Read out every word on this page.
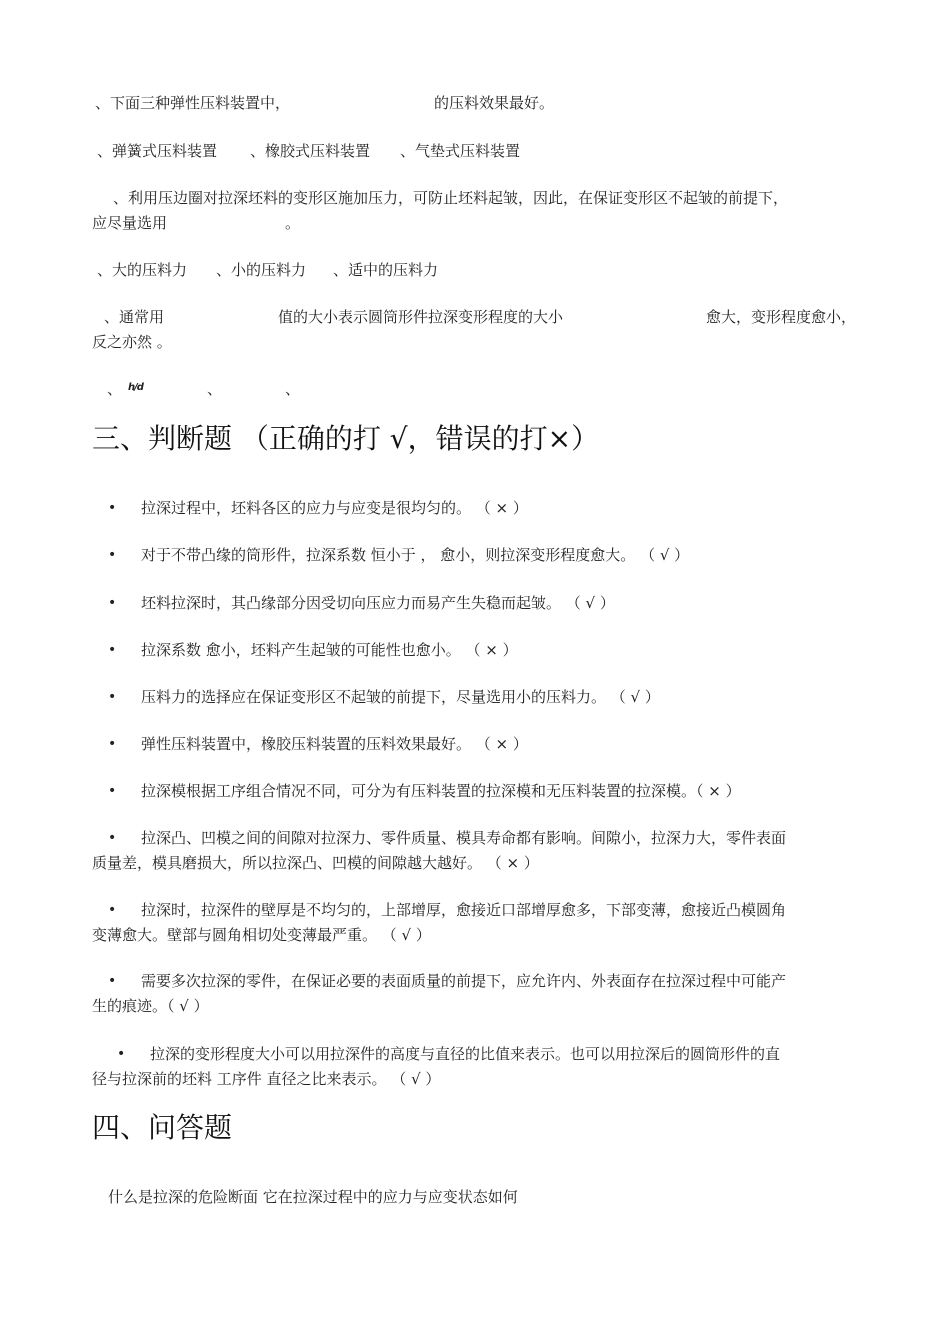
、下面三种弹性压料装置中，	的压料效果最好。
、弹簧式压料装置 、橡胶式压料装置 、气垫式压料装置
、利用压边圈对拉深坯料的变形区施加压力，可防止坯料起皱，因此，在保证变形区不起皱的前提下，
应尽量选用	。
、大的压料力 、小的压料力 、适中的压料力
、通常用	值的大小表示圆筒形件拉深变形程度的大小	愈大，变形程度愈小，
反之亦然 。
、 h/d	、	、
三、判断题 （正确的打 √，错误的打×）
• 拉深过程中，坯料各区的应力与应变是很均匀的。 （ × ）
• 对于不带凸缘的筒形件，拉深系数 恒小于 ， 愈小，则拉深变形程度愈大。 （ √ ）
• 坯料拉深时，其凸缘部分因受切向压应力而易产生失稳而起皱。 （ √ ）
• 拉深系数 愈小，坯料产生起皱的可能性也愈小。 （ × ）
• 压料力的选择应在保证变形区不起皱的前提下，尽量选用小的压料力。 （ √ ）
• 弹性压料装置中，橡胶压料装置的压料效果最好。 （ × ）
• 拉深模根据工序组合情况不同，可分为有压料装置的拉深模和无压料装置的拉深模。（ × ）
• 拉深凸、凹模之间的间隙对拉深力、零件质量、模具寿命都有影响。间隙小，拉深力大，零件表面
质量差，模具磨损大，所以拉深凸、凹模的间隙越大越好。 （ × ）
• 拉深时，拉深件的壁厚是不均匀的，上部增厚，愈接近口部增厚愈多，下部变薄，愈接近凸模圆角
变薄愈大。壁部与圆角相切处变薄最严重。 （ √ ）
• 需要多次拉深的零件，在保证必要的表面质量的前提下，应允许内、外表面存在拉深过程中可能产
生的痕迹。（ √ ）
• 拉深的变形程度大小可以用拉深件的高度与直径的比值来表示。也可以用拉深后的圆筒形件的直
径与拉深前的坯料 工序件 直径之比来表示。 （ √ ）
四、问答题
什么是拉深的危险断面 它在拉深过程中的应力与应变状态如何
